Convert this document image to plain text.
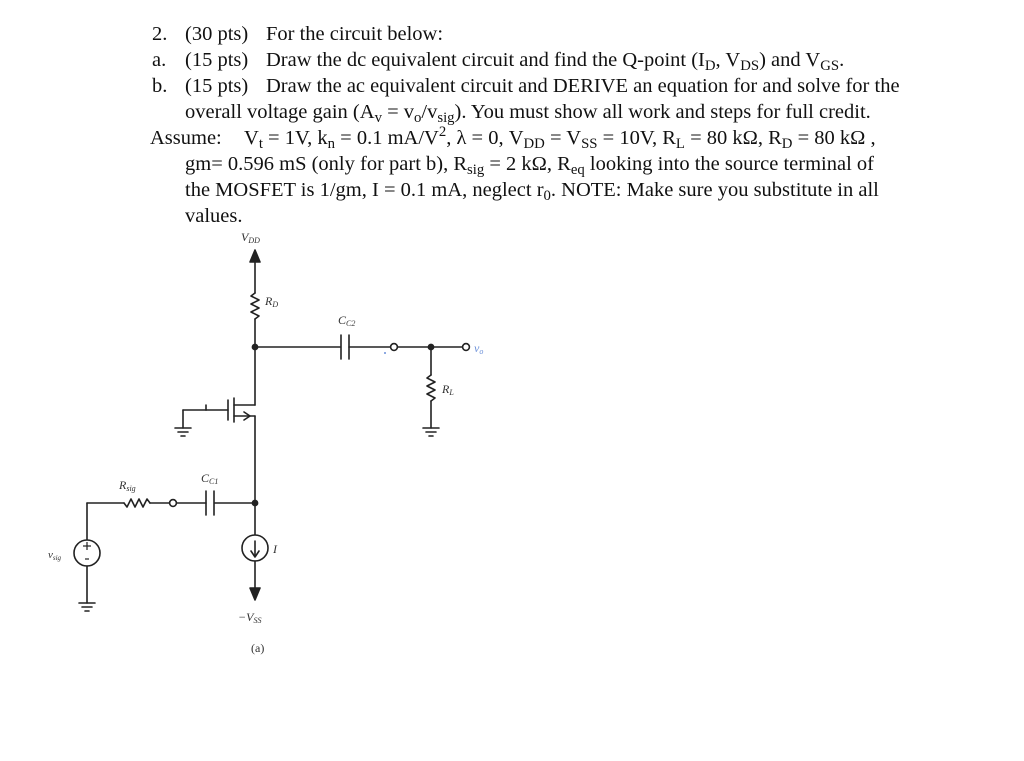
2. (30 pts) For the circuit below:
a. (15 pts) Draw the dc equivalent circuit and find the Q-point ($I_D$, $V_{DS}$) and $V_{GS}$.
b. (15 pts) Draw the ac equivalent circuit and DERIVE an equation for and solve for the
overall voltage gain $(A_v = v_o/v_{sig})$. You must show all work and steps for full credit.
Assume: $V_t = 1V$, $k_n = 0.1$ $mA/V^2$, λ = 0, $V_{DD} = V_{SS} = 10V$, $R_L = 80$ kΩ, $R_D = 80$ kΩ ,
gm= 0.596 mS (only for part b), $R_{sig} = 2$ kΩ, $R_{eq}$ looking into the source terminal of
the MOSFET is 1/gm, I = 0.1 mA, neglect $r_0$. NOTE: Make sure you substitute in all
values.
VDD
RD
CC2
vo
RL
Rsig
CC1
vsig
I
−VSS
(a)
